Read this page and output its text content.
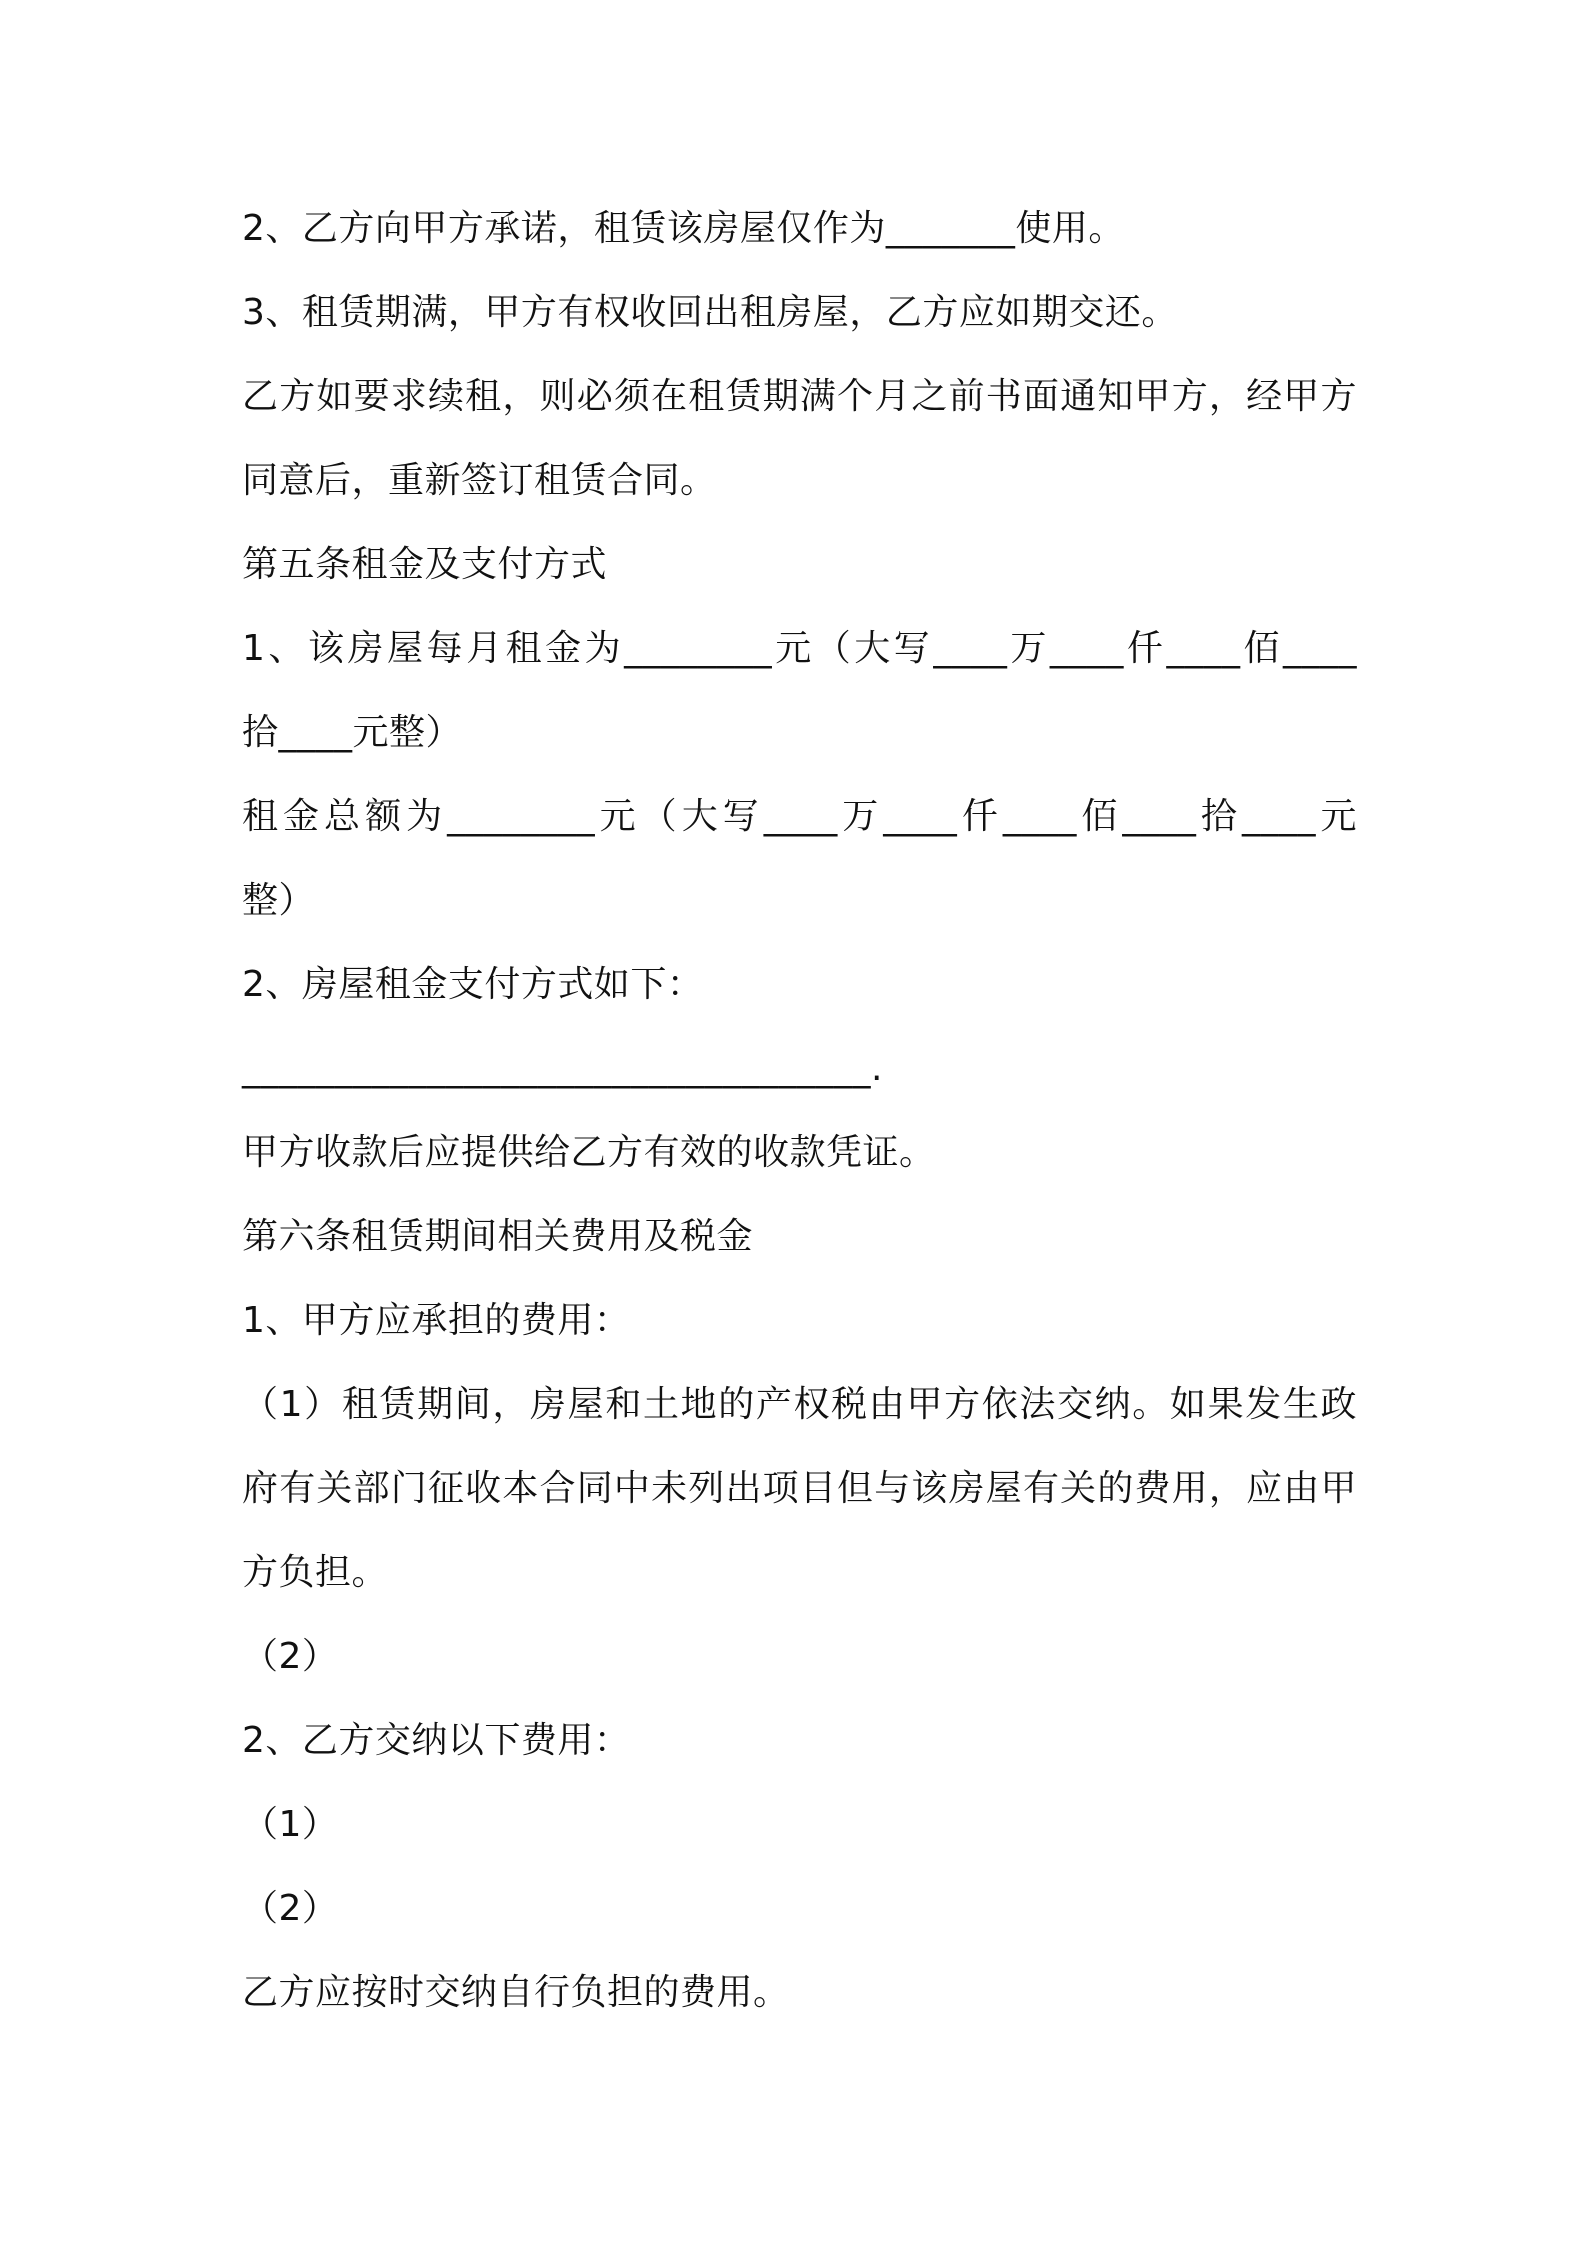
2、乙方向甲方承诺，租赁该房屋仅作为_______使用。
3、租赁期满，甲方有权收回出租房屋，乙方应如期交还。
乙方如要求续租，则必须在租赁期满个月之前书面通知甲方，经甲方
同意后，重新签订租赁合同。
第五条租金及支付方式
1、该房屋每月租金为________元（大写____万____仟____佰____
拾____元整）
租金总额为________元（大写____万____仟____佰____拾____元
整）
2、房屋租金支付方式如下：
__________________________________.
甲方收款后应提供给乙方有效的收款凭证。
第六条租赁期间相关费用及税金
1、甲方应承担的费用：
（1）租赁期间，房屋和土地的产权税由甲方依法交纳。如果发生政
府有关部门征收本合同中未列出项目但与该房屋有关的费用，应由甲
方负担。
（2）
2、乙方交纳以下费用：
（1）
（2）
乙方应按时交纳自行负担的费用。
